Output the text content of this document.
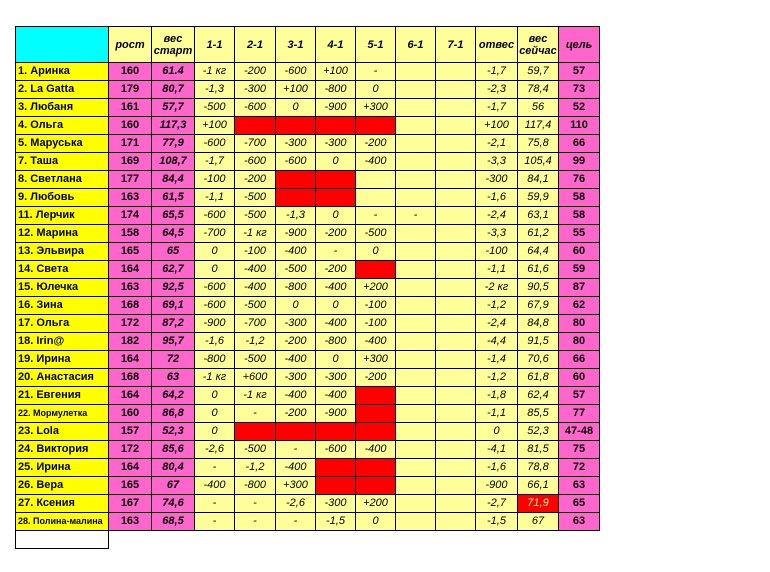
	рост	вес старт	1-1	2-1	3-1	4-1	5-1	6-1	7-1	отвес	вес сейчас	цель
1. Аринка	160	61.4	-1 кг	-200	-600	+100	-			-1,7	59,7	57
2. La Gatta	179	80,7	-1,3	-300	+100	-800	0			-2,3	78,4	73
3. Любаня	161	57,7	-500	-600	0	-900	+300			-1,7	56	52
4. Ольга	160	117,3	+100							+100	117,4	110
5. Маруська	171	77,9	-600	-700	-300	-300	-200			-2,1	75,8	66
7. Таша	169	108,7	-1,7	-600	-600	0	-400			-3,3	105,4	99
8. Светлана	177	84,4	-100	-200						-300	84,1	76
9. Любовь	163	61,5	-1,1	-500						-1,6	59,9	58
11. Лерчик	174	65,5	-600	-500	-1,3	0	-	-		-2,4	63,1	58
12. Марина	158	64,5	-700	-1 кг	-900	-200	-500			-3,3	61,2	55
13. Эльвира	165	65	0	-100	-400	-	0			-100	64,4	60
14. Света	164	62,7	0	-400	-500	-200				-1,1	61,6	59
15. Юлечка	163	92,5	-600	-400	-800	-400	+200			-2 кг	90,5	87
16. Зина	168	69,1	-600	-500	0	0	-100			-1,2	67,9	62
17. Ольга	172	87,2	-900	-700	-300	-400	-100			-2,4	84,8	80
18. Irin@	182	95,7	-1,6	-1,2	-200	-800	-400			-4,4	91,5	80
19. Ирина	164	72	-800	-500	-400	0	+300			-1,4	70,6	66
20. Анастасия	168	63	-1 кг	+600	-300	-300	-200			-1,2	61,8	60
21. Евгения	164	64,2	0	-1 кг	-400	-400				-1,8	62,4	57
22. Мормулетка	160	86,8	0	-	-200	-900				-1,1	85,5	77
23. Lola	157	52,3	0							0	52,3	47-48
24. Виктория	172	85,6	-2,6	-500	-	-600	-400			-4,1	81,5	75
25. Ирина	164	80,4	-	-1,2	-400					-1,6	78,8	72
26. Вера	165	67	-400	-800	+300					-900	66,1	63
27. Ксения	167	74,6	-	-	-2,6	-300	+200			-2,7	71,9	65
28. Полина-малина	163	68,5	-	-	-	-1,5	0			-1,5	67	63
